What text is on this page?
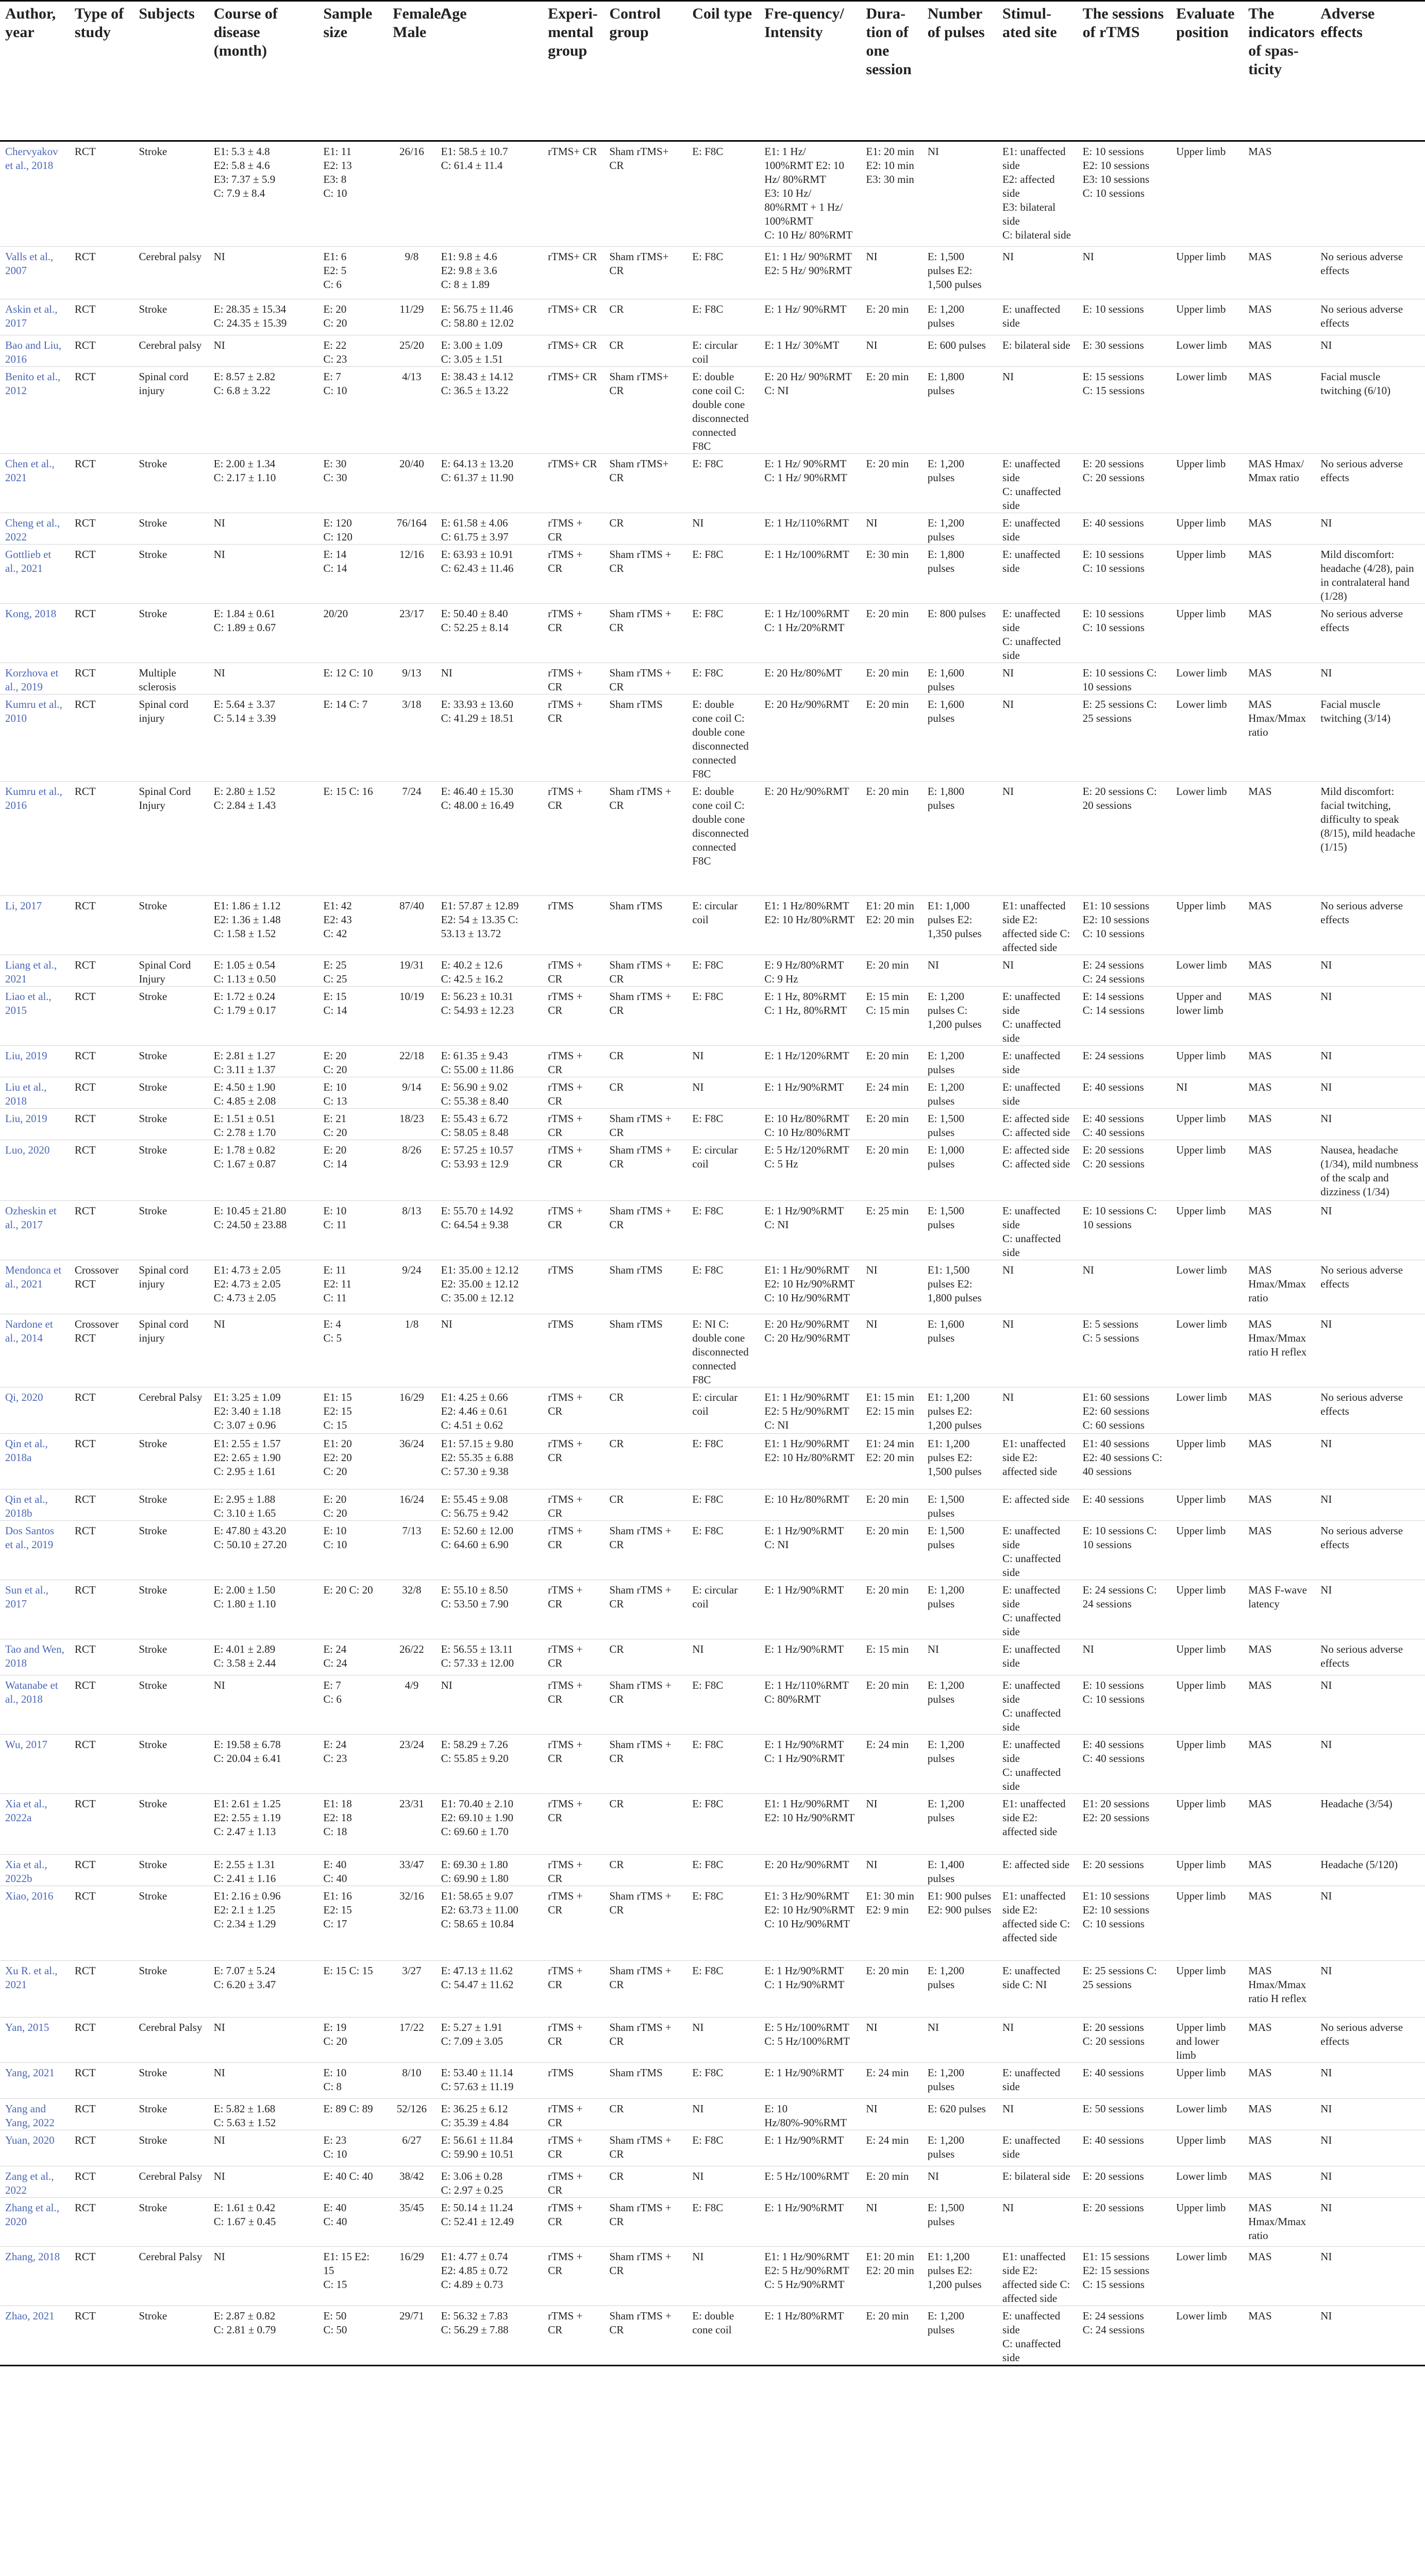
Author, year	Type of study	Subjects	Course of disease (month)	Sample size	Female/ Male	Age	Experi-mental group	Control group	Coil type	Fre-quency/ Intensity	Dura-tion of one session	Number of pulses	Stimul-ated site	The sessions of rTMS	Evaluate position	The indicators of spas-ticity	Adverse effects
Chervyakov et al., 2018	RCT	Stroke	E1: 5.3 ± 4.8
E2: 5.8 ± 4.6
E3: 7.37 ± 5.9
C: 7.9 ± 8.4	E1: 11
E2: 13
E3: 8
C: 10	26/16	E1: 58.5 ± 10.7
C: 61.4 ± 11.4	rTMS+ CR	Sham rTMS+ CR	E: F8C	E1: 1 Hz/ 100%RMT E2: 10 Hz/ 80%RMT
E3: 10 Hz/ 80%RMT + 1 Hz/ 100%RMT
C: 10 Hz/ 80%RMT	E1: 20 min
E2: 10 min
E3: 30 min	NI	E1: unaffected side
E2: affected side
E3: bilateral side
C: bilateral side	E: 10 sessions
E2: 10 sessions
E3: 10 sessions
C: 10 sessions	Upper limb	MAS	
Valls et al., 2007	RCT	Cerebral palsy	NI	E1: 6
E2: 5
C: 6	9/8	E1: 9.8 ± 4.6
E2: 9.8 ± 3.6
C: 8 ± 1.89	rTMS+ CR	Sham rTMS+ CR	E: F8C	E1: 1 Hz/ 90%RMT
E2: 5 Hz/ 90%RMT	NI	E: 1,500 pulses E2: 1,500 pulses	NI	NI	Upper limb	MAS	No serious adverse effects
Askin et al., 2017	RCT	Stroke	E: 28.35 ± 15.34
C: 24.35 ± 15.39	E: 20
C: 20	11/29	E: 56.75 ± 11.46
C: 58.80 ± 12.02	rTMS+ CR	CR	E: F8C	E: 1 Hz/ 90%RMT	E: 20 min	E: 1,200 pulses	E: unaffected side	E: 10 sessions	Upper limb	MAS	No serious adverse effects
Bao and Liu, 2016	RCT	Cerebral palsy	NI	E: 22
C: 23	25/20	E: 3.00 ± 1.09
C: 3.05 ± 1.51	rTMS+ CR	CR	E: circular coil	E: 1 Hz/ 30%MT	NI	E: 600 pulses	E: bilateral side	E: 30 sessions	Lower limb	MAS	NI
Benito et al., 2012	RCT	Spinal cord injury	E: 8.57 ± 2.82
C: 6.8 ± 3.22	E: 7
C: 10	4/13	E: 38.43 ± 14.12
C: 36.5 ± 13.22	rTMS+ CR	Sham rTMS+ CR	E: double cone coil C: double cone disconnected connected F8C	E: 20 Hz/ 90%RMT C: NI	E: 20 min	E: 1,800 pulses	NI	E: 15 sessions
C: 15 sessions	Lower limb	MAS	Facial muscle twitching (6/10)
Chen et al., 2021	RCT	Stroke	E: 2.00 ± 1.34
C: 2.17 ± 1.10	E: 30
C: 30	20/40	E: 64.13 ± 13.20
C: 61.37 ± 11.90	rTMS+ CR	Sham rTMS+ CR	E: F8C	E: 1 Hz/ 90%RMT C: 1 Hz/ 90%RMT	E: 20 min	E: 1,200 pulses	E: unaffected side
C: unaffected side	E: 20 sessions
C: 20 sessions	Upper limb	MAS Hmax/ Mmax ratio	No serious adverse effects
Cheng et al., 2022	RCT	Stroke	NI	E: 120
C: 120	76/164	E: 61.58 ± 4.06
C: 61.75 ± 3.97	rTMS + CR	CR	NI	E: 1 Hz/110%RMT	NI	E: 1,200 pulses	E: unaffected side	E: 40 sessions	Upper limb	MAS	NI
Gottlieb et al., 2021	RCT	Stroke	NI	E: 14
C: 14	12/16	E: 63.93 ± 10.91
C: 62.43 ± 11.46	rTMS + CR	Sham rTMS + CR	E: F8C	E: 1 Hz/100%RMT	E: 30 min	E: 1,800 pulses	E: unaffected side	E: 10 sessions
C: 10 sessions	Upper limb	MAS	Mild discomfort: headache (4/28), pain in contralateral hand (1/28)
Kong, 2018	RCT	Stroke	E: 1.84 ± 0.61
C: 1.89 ± 0.67	20/20	23/17	E: 50.40 ± 8.40
C: 52.25 ± 8.14	rTMS + CR	Sham rTMS + CR	E: F8C	E: 1 Hz/100%RMT
C: 1 Hz/20%RMT	E: 20 min	E: 800 pulses	E: unaffected side
C: unaffected side	E: 10 sessions
C: 10 sessions	Upper limb	MAS	No serious adverse effects
Korzhova et al., 2019	RCT	Multiple sclerosis	NI	E: 12 C: 10	9/13	NI	rTMS + CR	Sham rTMS + CR	E: F8C	E: 20 Hz/80%MT	E: 20 min	E: 1,600 pulses	NI	E: 10 sessions C: 10 sessions	Lower limb	MAS	NI
Kumru et al., 2010	RCT	Spinal cord injury	E: 5.64 ± 3.37
C: 5.14 ± 3.39	E: 14 C: 7	3/18	E: 33.93 ± 13.60
C: 41.29 ± 18.51	rTMS + CR	Sham rTMS	E: double cone coil C: double cone disconnected connected F8C	E: 20 Hz/90%RMT	E: 20 min	E: 1,600 pulses	NI	E: 25 sessions C: 25 sessions	Lower limb	MAS Hmax/Mmax ratio	Facial muscle twitching (3/14)
Kumru et al., 2016	RCT	Spinal Cord Injury	E: 2.80 ± 1.52
C: 2.84 ± 1.43	E: 15 C: 16	7/24	E: 46.40 ± 15.30
C: 48.00 ± 16.49	rTMS + CR	Sham rTMS + CR	E: double cone coil C: double cone disconnected connected F8C	E: 20 Hz/90%RMT	E: 20 min	E: 1,800 pulses	NI	E: 20 sessions C: 20 sessions	Lower limb	MAS	Mild discomfort: facial twitching, difficulty to speak (8/15), mild headache (1/15)
Li, 2017	RCT	Stroke	E1: 1.86 ± 1.12
E2: 1.36 ± 1.48
C: 1.58 ± 1.52	E1: 42
E2: 43
C: 42	87/40	E1: 57.87 ± 12.89
E2: 54 ± 13.35 C: 53.13 ± 13.72	rTMS	Sham rTMS	E: circular coil	E1: 1 Hz/80%RMT
E2: 10 Hz/80%RMT	E1: 20 min
E2: 20 min	E1: 1,000 pulses E2: 1,350 pulses	E1: unaffected side E2: affected side C: affected side	E1: 10 sessions
E2: 10 sessions
C: 10 sessions	Upper limb	MAS	No serious adverse effects
Liang et al., 2021	RCT	Spinal Cord Injury	E: 1.05 ± 0.54
C: 1.13 ± 0.50	E: 25
C: 25	19/31	E: 40.2 ± 12.6
C: 42.5 ± 16.2	rTMS + CR	Sham rTMS + CR	E: F8C	E: 9 Hz/80%RMT
C: 9 Hz	E: 20 min	NI	NI	E: 24 sessions
C: 24 sessions	Lower limb	MAS	NI
Liao et al., 2015	RCT	Stroke	E: 1.72 ± 0.24
C: 1.79 ± 0.17	E: 15
C: 14	10/19	E: 56.23 ± 10.31
C: 54.93 ± 12.23	rTMS + CR	Sham rTMS + CR	E: F8C	E: 1 Hz, 80%RMT
C: 1 Hz, 80%RMT	E: 15 min C: 15 min	E: 1,200 pulses C: 1,200 pulses	E: unaffected side
C: unaffected side	E: 14 sessions
C: 14 sessions	Upper and lower limb	MAS	NI
Liu, 2019	RCT	Stroke	E: 2.81 ± 1.27
C: 3.11 ± 1.37	E: 20
C: 20	22/18	E: 61.35 ± 9.43
C: 55.00 ± 11.86	rTMS + CR	CR	NI	E: 1 Hz/120%RMT	E: 20 min	E: 1,200 pulses	E: unaffected side	E: 24 sessions	Upper limb	MAS	NI
Liu et al., 2018	RCT	Stroke	E: 4.50 ± 1.90
C: 4.85 ± 2.08	E: 10
C: 13	9/14	E: 56.90 ± 9.02
C: 55.38 ± 8.40	rTMS + CR	CR	NI	E: 1 Hz/90%RMT	E: 24 min	E: 1,200 pulses	E: unaffected side	E: 40 sessions	NI	MAS	NI
Liu, 2019	RCT	Stroke	E: 1.51 ± 0.51
C: 2.78 ± 1.70	E: 21
C: 20	18/23	E: 55.43 ± 6.72
C: 58.05 ± 8.48	rTMS + CR	Sham rTMS + CR	E: F8C	E: 10 Hz/80%RMT
C: 10 Hz/80%RMT	E: 20 min	E: 1,500 pulses	E: affected side
C: affected side	E: 40 sessions
C: 40 sessions	Upper limb	MAS	NI
Luo, 2020	RCT	Stroke	E: 1.78 ± 0.82
C: 1.67 ± 0.87	E: 20
C: 14	8/26	E: 57.25 ± 10.57
C: 53.93 ± 12.9	rTMS + CR	Sham rTMS + CR	E: circular coil	E: 5 Hz/120%RMT C: 5 Hz	E: 20 min	E: 1,000 pulses	E: affected side C: affected side	E: 20 sessions
C: 20 sessions	Upper limb	MAS	Nausea, headache (1/34), mild numbness of the scalp and dizziness (1/34)
Ozheskin et al., 2017	RCT	Stroke	E: 10.45 ± 21.80
C: 24.50 ± 23.88	E: 10
C: 11	8/13	E: 55.70 ± 14.92
C: 64.54 ± 9.38	rTMS + CR	Sham rTMS + CR	E: F8C	E: 1 Hz/90%RMT
C: NI	E: 25 min	E: 1,500 pulses	E: unaffected side
C: unaffected side	E: 10 sessions C: 10 sessions	Upper limb	MAS	NI
Mendonca et al., 2021	Crossover RCT	Spinal cord injury	E1: 4.73 ± 2.05
E2: 4.73 ± 2.05
C: 4.73 ± 2.05	E: 11
E2: 11
C: 11	9/24	E1: 35.00 ± 12.12
E2: 35.00 ± 12.12
C: 35.00 ± 12.12	rTMS	Sham rTMS	E: F8C	E1: 1 Hz/90%RMT
E2: 10 Hz/90%RMT
C: 10 Hz/90%RMT	NI	E1: 1,500 pulses E2: 1,800 pulses	NI	NI	Lower limb	MAS Hmax/Mmax ratio	No serious adverse effects
Nardone et al., 2014	Crossover RCT	Spinal cord injury	NI	E: 4
C: 5	1/8	NI	rTMS	Sham rTMS	E: NI C: double cone disconnected connected F8C	E: 20 Hz/90%RMT
C: 20 Hz/90%RMT	NI	E: 1,600 pulses	NI	E: 5 sessions
C: 5 sessions	Lower limb	MAS Hmax/Mmax ratio H reflex	NI
Qi, 2020	RCT	Cerebral Palsy	E1: 3.25 ± 1.09
E2: 3.40 ± 1.18
C: 3.07 ± 0.96	E1: 15
E2: 15
C: 15	16/29	E1: 4.25 ± 0.66
E2: 4.46 ± 0.61
C: 4.51 ± 0.62	rTMS + CR	CR	E: circular coil	E1: 1 Hz/90%RMT
E2: 5 Hz/90%RMT
C: NI	E1: 15 min E2: 15 min	E1: 1,200 pulses E2: 1,200 pulses	NI	E1: 60 sessions
E2: 60 sessions
C: 60 sessions	Lower limb	MAS	No serious adverse effects
Qin et al., 2018a	RCT	Stroke	E1: 2.55 ± 1.57
E2: 2.65 ± 1.90
C: 2.95 ± 1.61	E1: 20
E2: 20
C: 20	36/24	E1: 57.15 ± 9.80
E2: 55.35 ± 6.88
C: 57.30 ± 9.38	rTMS + CR	CR	E: F8C	E1: 1 Hz/90%RMT E2: 10 Hz/80%RMT	E1: 24 min E2: 20 min	E1: 1,200 pulses E2: 1,500 pulses	E1: unaffected side E2: affected side	E1: 40 sessions E2: 40 sessions C: 40 sessions	Upper limb	MAS	NI
Qin et al., 2018b	RCT	Stroke	E: 2.95 ± 1.88
C: 3.10 ± 1.65	E: 20
C: 20	16/24	E: 55.45 ± 9.08
C: 56.75 ± 9.42	rTMS + CR	CR	E: F8C	E: 10 Hz/80%RMT	E: 20 min	E: 1,500 pulses	E: affected side	E: 40 sessions	Upper limb	MAS	NI
Dos Santos et al., 2019	RCT	Stroke	E: 47.80 ± 43.20
C: 50.10 ± 27.20	E: 10
C: 10	7/13	E: 52.60 ± 12.00
C: 64.60 ± 6.90	rTMS + CR	Sham rTMS + CR	E: F8C	E: 1 Hz/90%RMT
C: NI	E: 20 min	E: 1,500 pulses	E: unaffected side
C: unaffected side	E: 10 sessions C: 10 sessions	Upper limb	MAS	No serious adverse effects
Sun et al., 2017	RCT	Stroke	E: 2.00 ± 1.50
C: 1.80 ± 1.10	E: 20 C: 20	32/8	E: 55.10 ± 8.50
C: 53.50 ± 7.90	rTMS + CR	Sham rTMS + CR	E: circular coil	E: 1 Hz/90%RMT	E: 20 min	E: 1,200 pulses	E: unaffected side
C: unaffected side	E: 24 sessions C: 24 sessions	Upper limb	MAS F-wave latency	NI
Tao and Wen, 2018	RCT	Stroke	E: 4.01 ± 2.89
C: 3.58 ± 2.44	E: 24
C: 24	26/22	E: 56.55 ± 13.11
C: 57.33 ± 12.00	rTMS + CR	CR	NI	E: 1 Hz/90%RMT	E: 15 min	NI	E: unaffected side	NI	Upper limb	MAS	No serious adverse effects
Watanabe et al., 2018	RCT	Stroke	NI	E: 7
C: 6	4/9	NI	rTMS + CR	Sham rTMS + CR	E: F8C	E: 1 Hz/110%RMT
C: 80%RMT	E: 20 min	E: 1,200 pulses	E: unaffected side
C: unaffected side	E: 10 sessions
C: 10 sessions	Upper limb	MAS	NI
Wu, 2017	RCT	Stroke	E: 19.58 ± 6.78
C: 20.04 ± 6.41	E: 24
C: 23	23/24	E: 58.29 ± 7.26
C: 55.85 ± 9.20	rTMS + CR	Sham rTMS + CR	E: F8C	E: 1 Hz/90%RMT
C: 1 Hz/90%RMT	E: 24 min	E: 1,200 pulses	E: unaffected side
C: unaffected side	E: 40 sessions
C: 40 sessions	Upper limb	MAS	NI
Xia et al., 2022a	RCT	Stroke	E1: 2.61 ± 1.25
E2: 2.55 ± 1.19
C: 2.47 ± 1.13	E1: 18
E2: 18
C: 18	23/31	E1: 70.40 ± 2.10
E2: 69.10 ± 1.90
C: 69.60 ± 1.70	rTMS + CR	CR	E: F8C	E1: 1 Hz/90%RMT
E2: 10 Hz/90%RMT	NI	E: 1,200 pulses	E1: unaffected side E2: affected side	E1: 20 sessions
E2: 20 sessions	Upper limb	MAS	Headache (3/54)
Xia et al., 2022b	RCT	Stroke	E: 2.55 ± 1.31
C: 2.41 ± 1.16	E: 40
C: 40	33/47	E: 69.30 ± 1.80
C: 69.90 ± 1.80	rTMS + CR	CR	E: F8C	E: 20 Hz/90%RMT	NI	E: 1,400 pulses	E: affected side	E: 20 sessions	Upper limb	MAS	Headache (5/120)
Xiao, 2016	RCT	Stroke	E1: 2.16 ± 0.96
E2: 2.1 ± 1.25
C: 2.34 ± 1.29	E1: 16
E2: 15
C: 17	32/16	E1: 58.65 ± 9.07
E2: 63.73 ± 11.00
C: 58.65 ± 10.84	rTMS + CR	Sham rTMS + CR	E: F8C	E1: 3 Hz/90%RMT
E2: 10 Hz/90%RMT
C: 10 Hz/90%RMT	E1: 30 min E2: 9 min	E1: 900 pulses E2: 900 pulses	E1: unaffected side E2: affected side C: affected side	E1: 10 sessions
E2: 10 sessions
C: 10 sessions	Upper limb	MAS	NI
Xu R. et al., 2021	RCT	Stroke	E: 7.07 ± 5.24
C: 6.20 ± 3.47	E: 15 C: 15	3/27	E: 47.13 ± 11.62
C: 54.47 ± 11.62	rTMS + CR	Sham rTMS + CR	E: F8C	E: 1 Hz/90%RMT
C: 1 Hz/90%RMT	E: 20 min	E: 1,200 pulses	E: unaffected side C: NI	E: 25 sessions C: 25 sessions	Upper limb	MAS Hmax/Mmax ratio H reflex	NI
Yan, 2015	RCT	Cerebral Palsy	NI	E: 19
C: 20	17/22	E: 5.27 ± 1.91
C: 7.09 ± 3.05	rTMS + CR	Sham rTMS + CR	NI	E: 5 Hz/100%RMT
C: 5 Hz/100%RMT	NI	NI	NI	E: 20 sessions
C: 20 sessions	Upper limb and lower limb	MAS	No serious adverse effects
Yang, 2021	RCT	Stroke	NI	E: 10
C: 8	8/10	E: 53.40 ± 11.14
C: 57.63 ± 11.19	rTMS	Sham rTMS	E: F8C	E: 1 Hz/90%RMT	E: 24 min	E: 1,200 pulses	E: unaffected side	E: 40 sessions	Upper limb	MAS	NI
Yang and Yang, 2022	RCT	Stroke	E: 5.82 ± 1.68
C: 5.63 ± 1.52	E: 89 C: 89	52/126	E: 36.25 ± 6.12
C: 35.39 ± 4.84	rTMS + CR	CR	NI	E: 10 Hz/80%-90%RMT	NI	E: 620 pulses	NI	E: 50 sessions	Lower limb	MAS	NI
Yuan, 2020	RCT	Stroke	NI	E: 23
C: 10	6/27	E: 56.61 ± 11.84
C: 59.90 ± 10.51	rTMS + CR	Sham rTMS + CR	E: F8C	E: 1 Hz/90%RMT	E: 24 min	E: 1,200 pulses	E: unaffected side	E: 40 sessions	Upper limb	MAS	NI
Zang et al., 2022	RCT	Cerebral Palsy	NI	E: 40 C: 40	38/42	E: 3.06 ± 0.28
C: 2.97 ± 0.25	rTMS + CR	CR	NI	E: 5 Hz/100%RMT	E: 20 min	NI	E: bilateral side	E: 20 sessions	Lower limb	MAS	NI
Zhang et al., 2020	RCT	Stroke	E: 1.61 ± 0.42
C: 1.67 ± 0.45	E: 40
C: 40	35/45	E: 50.14 ± 11.24
C: 52.41 ± 12.49	rTMS + CR	Sham rTMS + CR	E: F8C	E: 1 Hz/90%RMT	NI	E: 1,500 pulses	NI	E: 20 sessions	Upper limb	MAS Hmax/Mmax ratio	NI
Zhang, 2018	RCT	Cerebral Palsy	NI	E1: 15 E2: 15
C: 15	16/29	E1: 4.77 ± 0.74
E2: 4.85 ± 0.72
C: 4.89 ± 0.73	rTMS + CR	Sham rTMS + CR	NI	E1: 1 Hz/90%RMT
E2: 5 Hz/90%RMT
C: 5 Hz/90%RMT	E1: 20 min E2: 20 min	E1: 1,200 pulses E2: 1,200 pulses	E1: unaffected side E2: affected side C: affected side	E1: 15 sessions
E2: 15 sessions
C: 15 sessions	Lower limb	MAS	NI
Zhao, 2021	RCT	Stroke	E: 2.87 ± 0.82
C: 2.81 ± 0.79	E: 50
C: 50	29/71	E: 56.32 ± 7.83
C: 56.29 ± 7.88	rTMS + CR	Sham rTMS + CR	E: double cone coil	E: 1 Hz/80%RMT	E: 20 min	E: 1,200 pulses	E: unaffected side
C: unaffected side	E: 24 sessions
C: 24 sessions	Lower limb	MAS	NI
